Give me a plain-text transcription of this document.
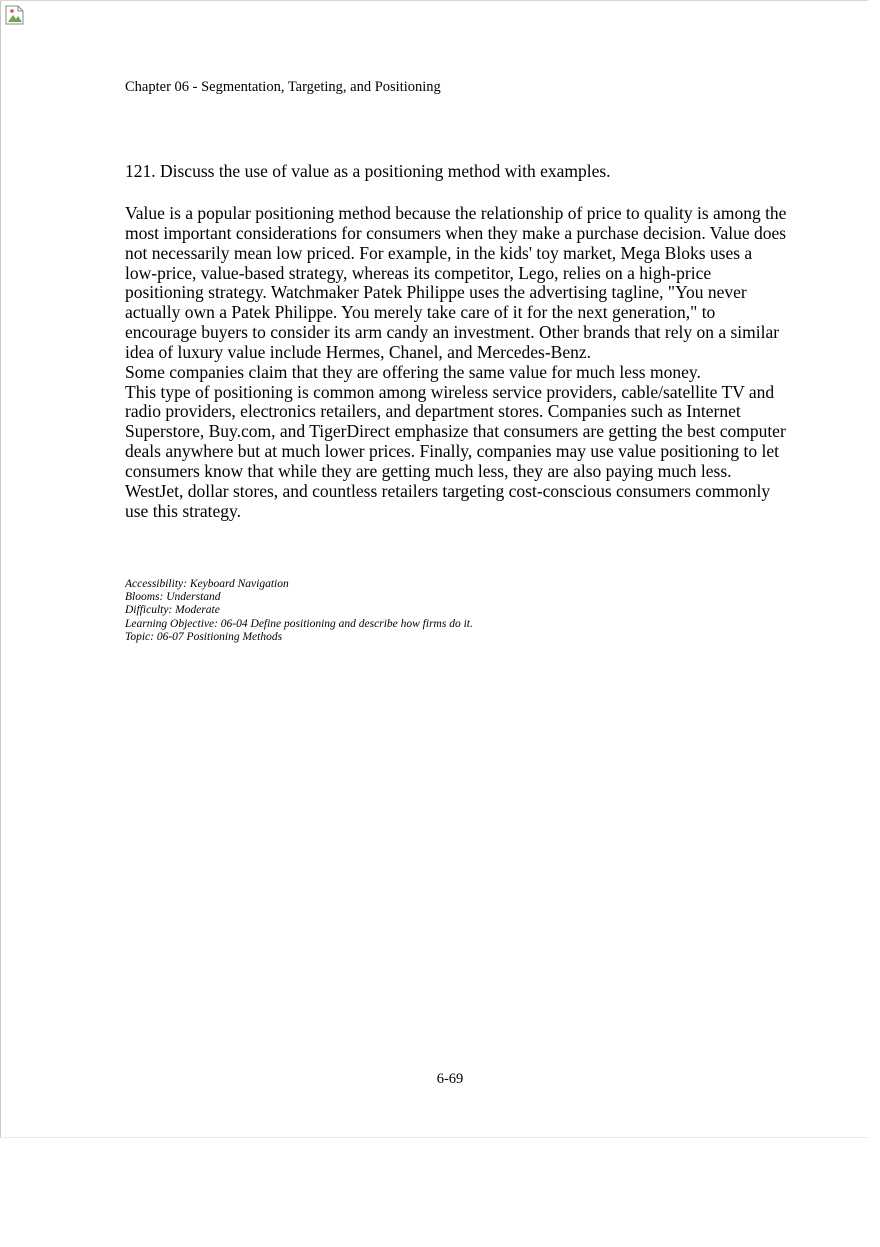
Chapter 06 - Segmentation, Targeting, and Positioning
121. Discuss the use of value as a positioning method with examples.

Value is a popular positioning method because the relationship of price to quality is among the

most important considerations for consumers when they make a purchase decision. Value does

not necessarily mean low priced. For example, in the kids' toy market, Mega Bloks uses a

low-price, value-based strategy, whereas its competitor, Lego, relies on a high-price

positioning strategy. Watchmaker Patek Philippe uses the advertising tagline, "You never

actually own a Patek Philippe. You merely take care of it for the next generation," to

encourage buyers to consider its arm candy an investment. Other brands that rely on a similar

idea of luxury value include Hermes, Chanel, and Mercedes-Benz.

Some companies claim that they are offering the same value for much less money.

This type of positioning is common among wireless service providers, cable/satellite TV and

radio providers, electronics retailers, and department stores. Companies such as Internet

Superstore, Buy.com, and TigerDirect emphasize that consumers are getting the best computer

deals anywhere but at much lower prices. Finally, companies may use value positioning to let

consumers know that while they are getting much less, they are also paying much less.

WestJet, dollar stores, and countless retailers targeting cost-conscious consumers commonly

use this strategy.

Accessibility: Keyboard Navigation
Blooms: Understand
Difficulty: Moderate
Learning Objective: 06-04 Define positioning and describe how firms do it.
Topic: 06-07 Positioning Methods
6-69
